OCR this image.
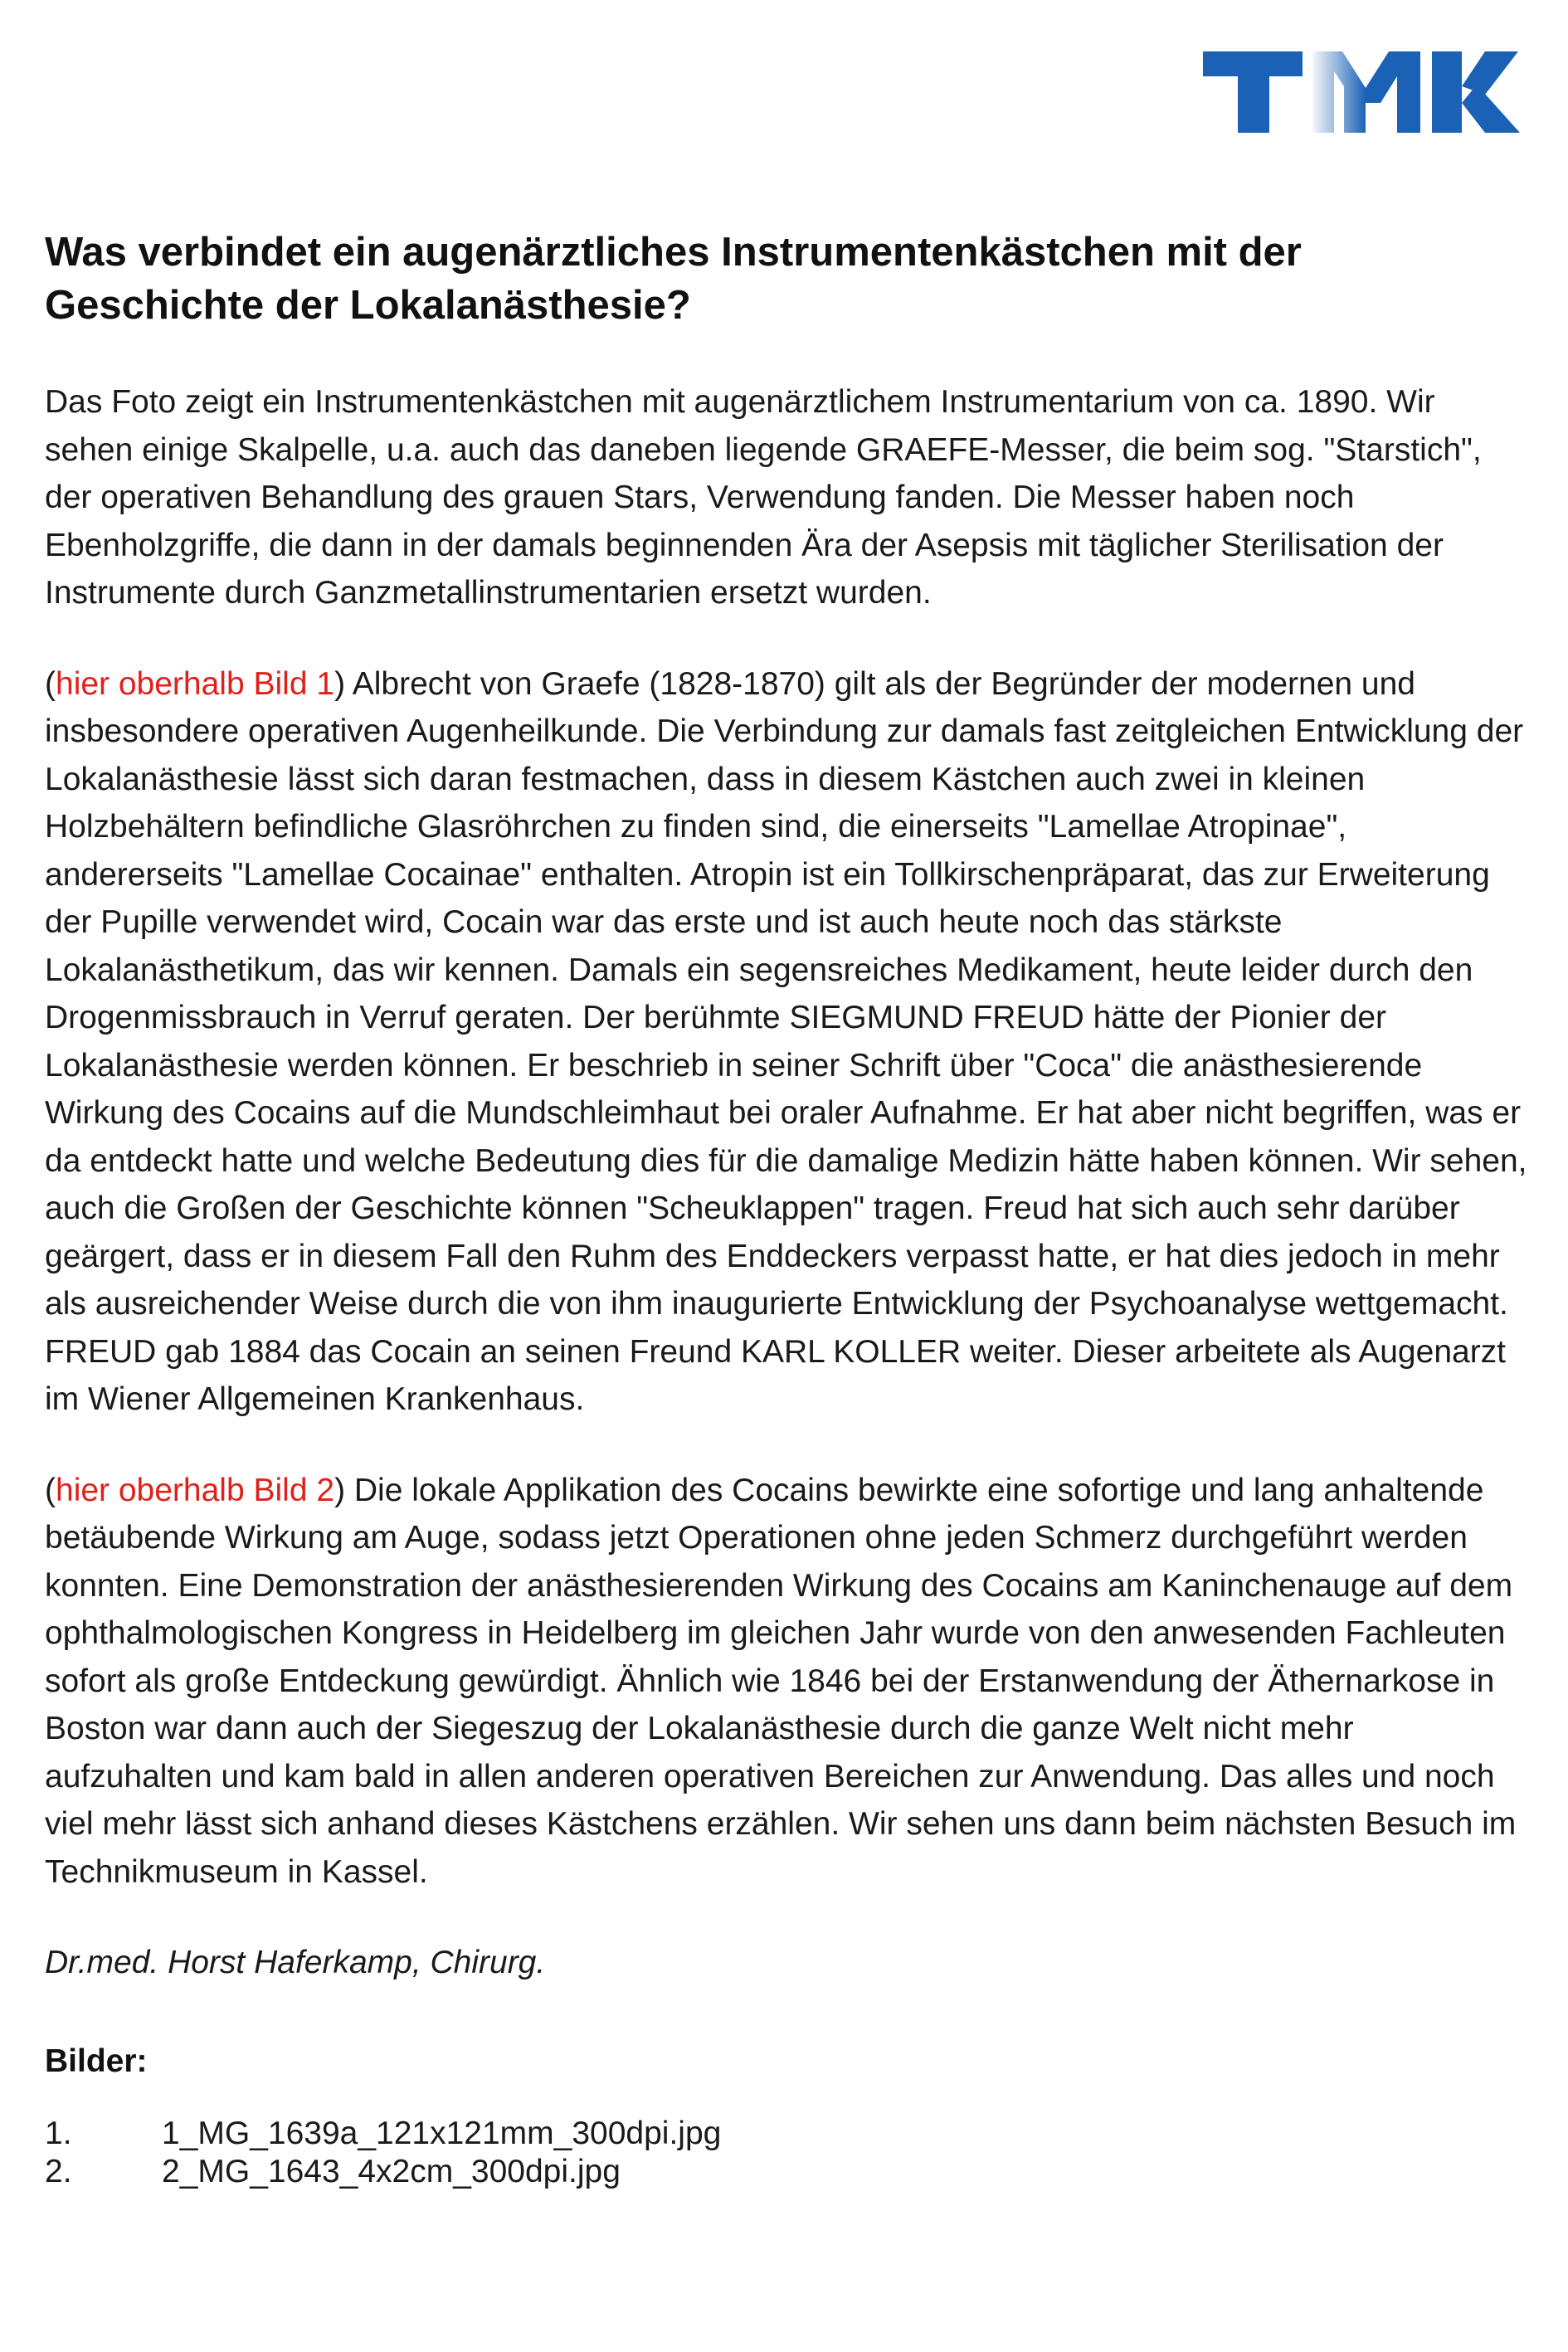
Was verbindet ein augenärztliches Instrumentenkästchen mit der Geschichte der Lokalanästhesie?

Das Foto zeigt ein Instrumentenkästchen mit augenärztlichem Instrumentarium von ca. 1890. Wir sehen einige Skalpelle, u.a. auch das daneben liegende GRAEFE-Messer, die beim sog. "Starstich", der operativen Behandlung des grauen Stars, Verwendung fanden. Die Messer haben noch Ebenholzgriffe, die dann in der damals beginnenden Ära der Asepsis mit täglicher Sterilisation der Instrumente durch Ganzmetallinstrumentarien ersetzt wurden.

(hier oberhalb Bild 1) Albrecht von Graefe (1828-1870) gilt als der Begründer der modernen und insbesondere operativen Augenheilkunde. Die Verbindung zur damals fast zeitgleichen Entwicklung der Lokalanästhesie lässt sich daran festmachen, dass in diesem Kästchen auch zwei in kleinen Holzbehältern befindliche Glasröhrchen zu finden sind, die einerseits "Lamellae Atropinae", andererseits "Lamellae Cocainae" enthalten. Atropin ist ein Tollkirschenpräparat, das zur Erweiterung der Pupille verwendet wird, Cocain war das erste und ist auch heute noch das stärkste Lokalanästhetikum, das wir kennen. Damals ein segensreiches Medikament, heute leider durch den Drogenmissbrauch in Verruf geraten. Der berühmte SIEGMUND FREUD hätte der Pionier der Lokalanästhesie werden können. Er beschrieb in seiner Schrift über "Coca" die anästhesierende Wirkung des Cocains auf die Mundschleimhaut bei oraler Aufnahme. Er hat aber nicht begriffen, was er da entdeckt hatte und welche Bedeutung dies für die damalige Medizin hätte haben können. Wir sehen, auch die Großen der Geschichte können "Scheuklappen" tragen. Freud hat sich auch sehr darüber geärgert, dass er in diesem Fall den Ruhm des Enddeckers verpasst hatte, er hat dies jedoch in mehr als ausreichender Weise durch die von ihm inaugurierte Entwicklung der Psychoanalyse wettgemacht. FREUD gab 1884 das Cocain an seinen Freund KARL KOLLER weiter. Dieser arbeitete als Augenarzt im Wiener Allgemeinen Krankenhaus.

(hier oberhalb Bild 2) Die lokale Applikation des Cocains bewirkte eine sofortige und lang anhaltende betäubende Wirkung am Auge, sodass jetzt Operationen ohne jeden Schmerz durchgeführt werden konnten. Eine Demonstration der anästhesierenden Wirkung des Cocains am Kaninchenauge auf dem ophthalmologischen Kongress in Heidelberg im gleichen Jahr wurde von den anwesenden Fachleuten sofort als große Entdeckung gewürdigt. Ähnlich wie 1846 bei der Erstanwendung der Äthernarkose in Boston war dann auch der Siegeszug der Lokalanästhesie durch die ganze Welt nicht mehr aufzuhalten und kam bald in allen anderen operativen Bereichen zur Anwendung. Das alles und noch viel mehr lässt sich anhand dieses Kästchens erzählen. Wir sehen uns dann beim nächsten Besuch im Technikmuseum in Kassel.

Dr.med. Horst Haferkamp, Chirurg.
Bilder:
1.	1_MG_1639a_121x121mm_300dpi.jpg
2.	2_MG_1643_4x2cm_300dpi.jpg
